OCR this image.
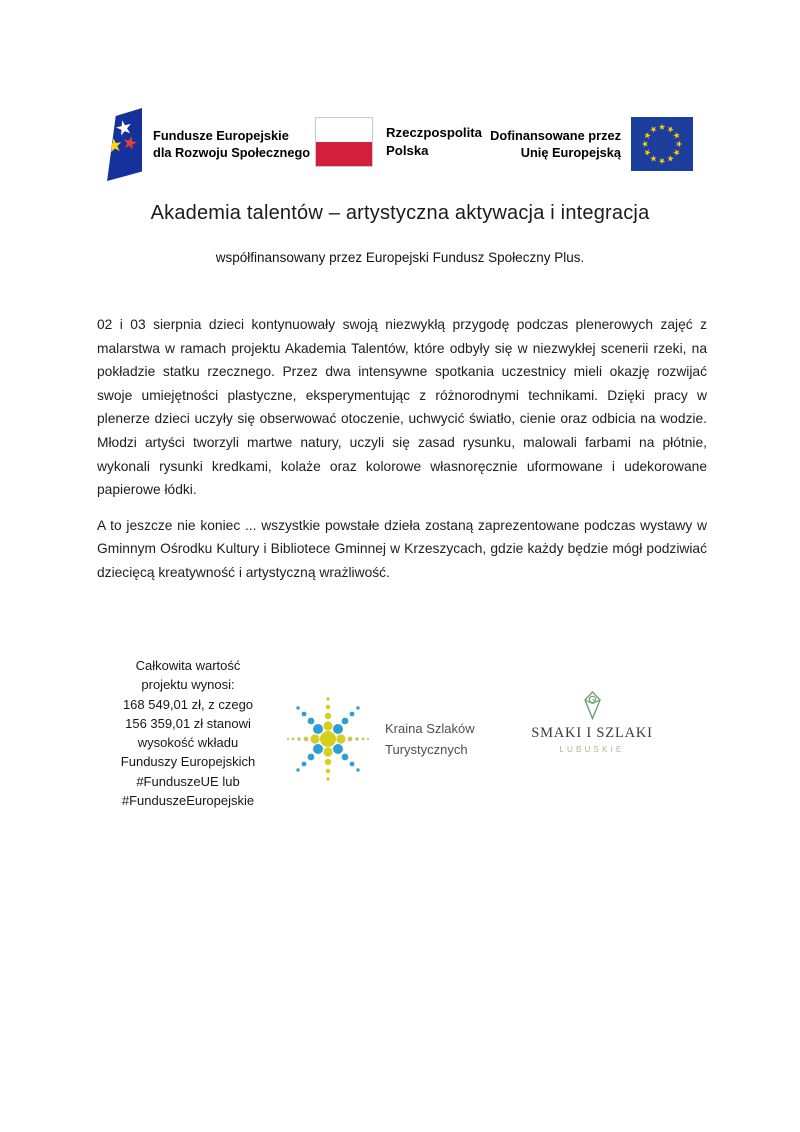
Fundusze Europejskie
dla Rozwoju Społecznego
Rzeczpospolita
Polska
Dofinansowane przez
Unię Europejską
Akademia talentów – artystyczna aktywacja i integracja
współfinansowany przez Europejski Fundusz Społeczny Plus.

02 i 03 sierpnia dzieci kontynuowały swoją niezwykłą przygodę podczas plenerowych zajęć z malarstwa w ramach projektu Akademia Talentów, które odbyły się w niezwykłej scenerii rzeki, na pokładzie statku rzecznego. Przez dwa intensywne spotkania uczestnicy mieli okazję rozwijać swoje umiejętności plastyczne, eksperymentując z różnorodnymi technikami. Dzięki pracy w plenerze dzieci uczyły się obserwować otoczenie, uchwycić światło, cienie oraz odbicia na wodzie. Młodzi artyści tworzyli martwe natury, uczyli się zasad rysunku, malowali farbami na płótnie, wykonali rysunki kredkami, kolaże oraz kolorowe własnoręcznie uformowane i udekorowane papierowe łódki.

A to jeszcze nie koniec ... wszystkie powstałe dzieła zostaną zaprezentowane podczas wystawy w Gminnym Ośrodku Kultury i Bibliotece Gminnej w Krzeszycach, gdzie każdy będzie mógł podziwiać dziecięcą kreatywność i artystyczną wrażliwość.

Całkowita wartość
projektu wynosi:
168 549,01 zł, z czego
156 359,01 zł stanowi
wysokość wkładu
Funduszy Europejskich
#FunduszeUE lub
#FunduszeEuropejskie
Kraina Szlaków
Turystycznych
SMAKI I SZLAKI
LUBUSKIE
